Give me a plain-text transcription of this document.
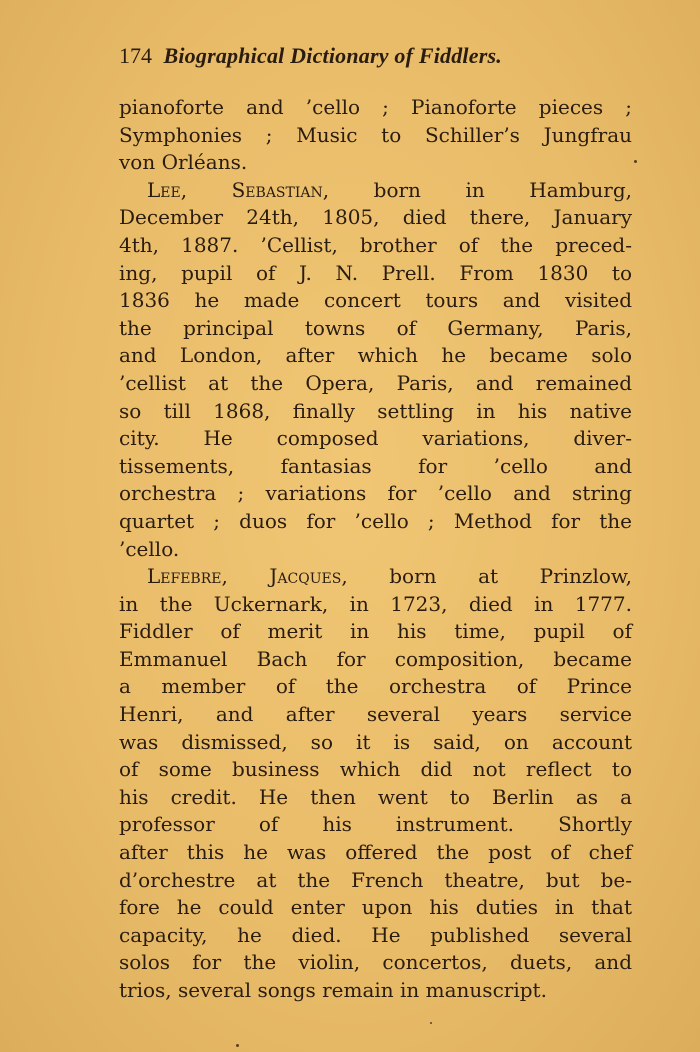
174 Biographical Dictionary of Fiddlers.
pianoforte and ’cello ; Pianoforte pieces ;
Symphonies ; Music to Schiller’s Jungfrau
von Orléans.
Lee, Sebastian, born in Hamburg,
December 24th, 1805, died there, January
4th, 1887. ’Cellist, brother of the preced-
ing, pupil of J. N. Prell. From 1830 to
1836 he made concert tours and visited
the principal towns of Germany, Paris,
and London, after which he became solo
’cellist at the Opera, Paris, and remained
so till 1868, finally settling in his native
city. He composed variations, diver-
tissements, fantasias for ’cello and
orchestra ; variations for ’cello and string
quartet ; duos for ’cello ; Method for the
’cello.
Lefebre, Jacques, born at Prinzlow,
in the Uckernark, in 1723, died in 1777.
Fiddler of merit in his time, pupil of
Emmanuel Bach for composition, became
a member of the orchestra of Prince
Henri, and after several years service
was dismissed, so it is said, on account
of some business which did not reflect to
his credit. He then went to Berlin as a
professor of his instrument. Shortly
after this he was offered the post of chef
d’orchestre at the French theatre, but be-
fore he could enter upon his duties in that
capacity, he died. He published several
solos for the violin, concertos, duets, and
trios, several songs remain in manuscript.
